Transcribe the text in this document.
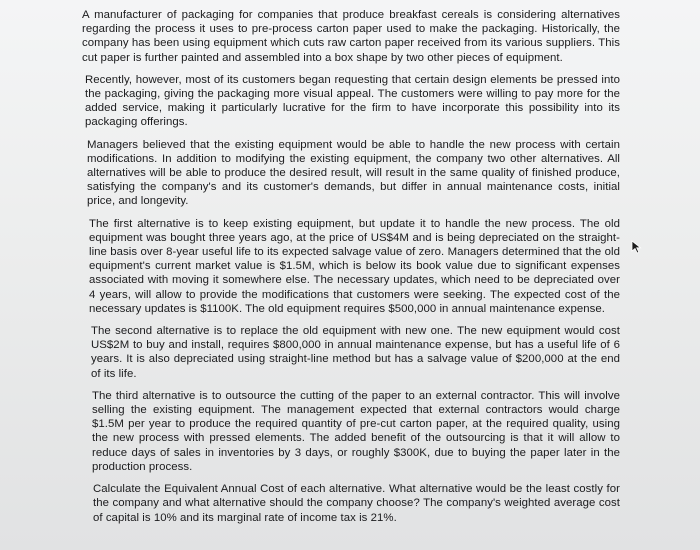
A manufacturer of packaging for companies that produce breakfast cereals is considering alternatives regarding the process it uses to pre-process carton paper used to make the packaging. Historically, the company has been using equipment which cuts raw carton paper received from its various suppliers. This cut paper is further painted and assembled into a box shape by two other pieces of equipment.

Recently, however, most of its customers began requesting that certain design elements be pressed into the packaging, giving the packaging more visual appeal. The customers were willing to pay more for the added service, making it particularly lucrative for the firm to have incorporate this possibility into its packaging offerings.

Managers believed that the existing equipment would be able to handle the new process with certain modifications. In addition to modifying the existing equipment, the company two other alternatives. All alternatives will be able to produce the desired result, will result in the same quality of finished produce, satisfying the company's and its customer's demands, but differ in annual maintenance costs, initial price, and longevity.

The first alternative is to keep existing equipment, but update it to handle the new process. The old equipment was bought three years ago, at the price of US$4M and is being depreciated on the straight-line basis over 8-year useful life to its expected salvage value of zero. Managers determined that the old equipment's current market value is $1.5M, which is below its book value due to significant expenses associated with moving it somewhere else. The necessary updates, which need to be depreciated over 4 years, will allow to provide the modifications that customers were seeking. The expected cost of the necessary updates is $1100K. The old equipment requires $500,000 in annual maintenance expense.

The second alternative is to replace the old equipment with new one. The new equipment would cost US$2M to buy and install, requires $800,000 in annual maintenance expense, but has a useful life of 6 years. It is also depreciated using straight-line method but has a salvage value of $200,000 at the end of its life.

The third alternative is to outsource the cutting of the paper to an external contractor. This will involve selling the existing equipment. The management expected that external contractors would charge $1.5M per year to produce the required quantity of pre-cut carton paper, at the required quality, using the new process with pressed elements. The added benefit of the outsourcing is that it will allow to reduce days of sales in inventories by 3 days, or roughly $300K, due to buying the paper later in the production process.

Calculate the Equivalent Annual Cost of each alternative. What alternative would be the least costly for the company and what alternative should the company choose? The company's weighted average cost of capital is 10% and its marginal rate of income tax is 21%.
